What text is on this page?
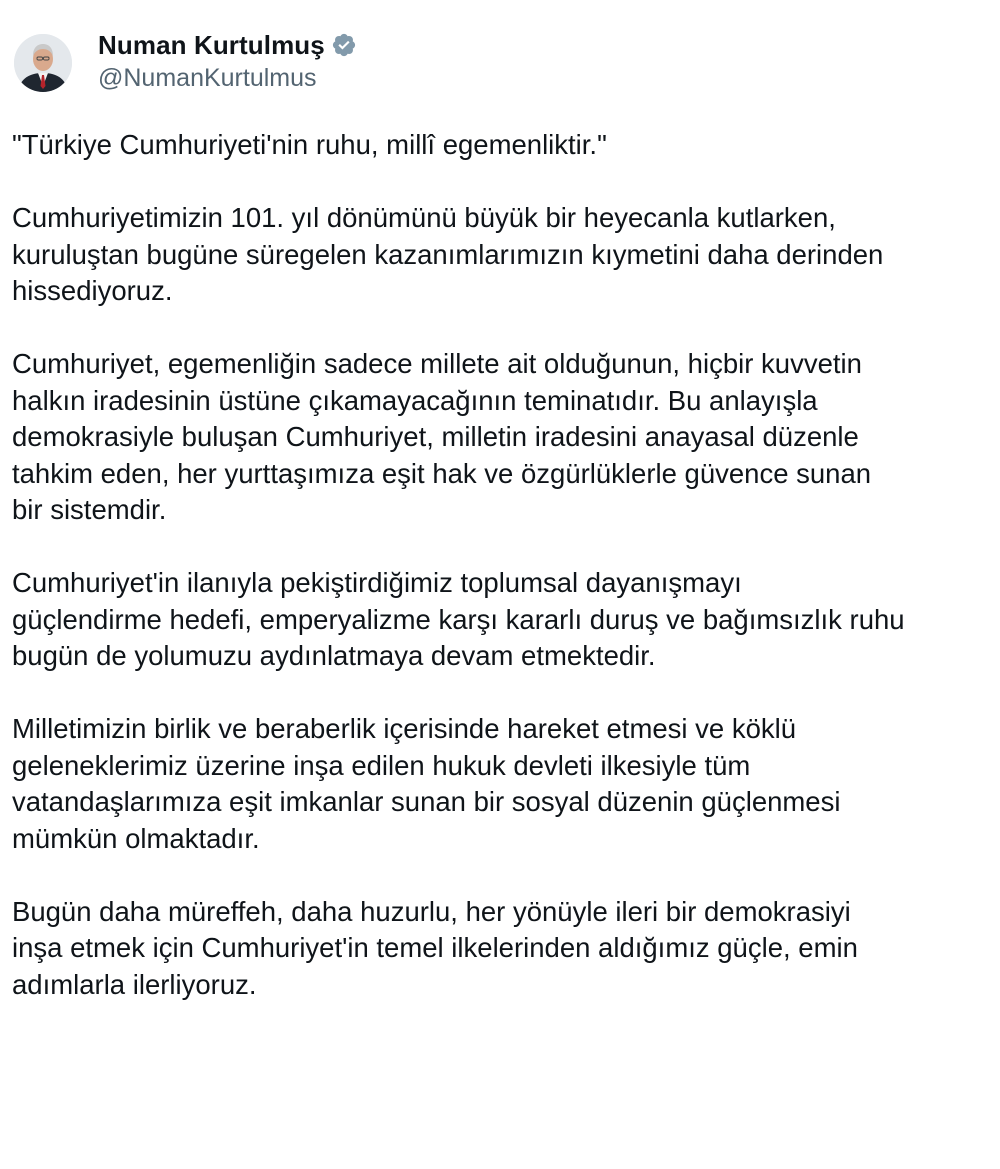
Numan Kurtulmuş
@NumanKurtulmus

"Türkiye Cumhuriyeti'nin ruhu, millî egemenliktir."

Cumhuriyetimizin 101. yıl dönümünü büyük bir heyecanla kutlarken,
kuruluştan bugüne süregelen kazanımlarımızın kıymetini daha derinden
hissediyoruz.

Cumhuriyet, egemenliğin sadece millete ait olduğunun, hiçbir kuvvetin
halkın iradesinin üstüne çıkamayacağının teminatıdır. Bu anlayışla
demokrasiyle buluşan Cumhuriyet, milletin iradesini anayasal düzenle
tahkim eden, her yurttaşımıza eşit hak ve özgürlüklerle güvence sunan
bir sistemdir.

Cumhuriyet'in ilanıyla pekiştirdiğimiz toplumsal dayanışmayı
güçlendirme hedefi, emperyalizme karşı kararlı duruş ve bağımsızlık ruhu
bugün de yolumuzu aydınlatmaya devam etmektedir.

Milletimizin birlik ve beraberlik içerisinde hareket etmesi ve köklü
geleneklerimiz üzerine inşa edilen hukuk devleti ilkesiyle tüm
vatandaşlarımıza eşit imkanlar sunan bir sosyal düzenin güçlenmesi
mümkün olmaktadır.

Bugün daha müreffeh, daha huzurlu, her yönüyle ileri bir demokrasiyi
inşa etmek için Cumhuriyet'in temel ilkelerinden aldığımız güçle, emin
adımlarla ilerliyoruz.
